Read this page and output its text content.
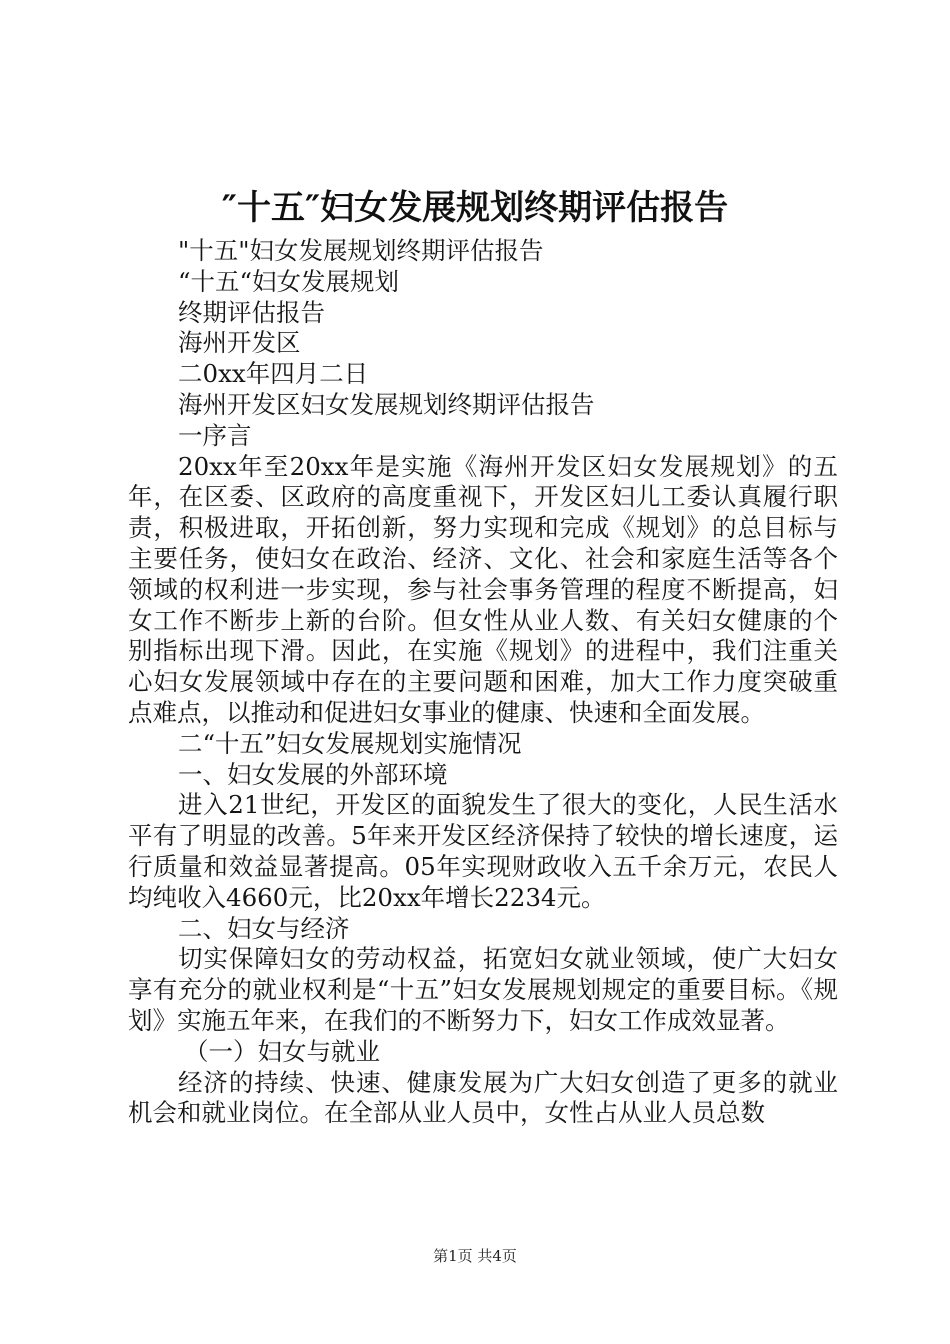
″十五″妇女发展规划终期评估报告

"十五"妇女发展规划终期评估报告

“十五“妇女发展规划

终期评估报告

海州开发区

二0xx年四月二日

海州开发区妇女发展规划终期评估报告

一序言

20xx年至20xx年是实施《海州开发区妇女发展规划》的五年，在区委、区政府的高度重视下，开发区妇儿工委认真履行职责，积极进取，开拓创新，努力实现和完成《规划》的总目标与主要任务，使妇女在政治、经济、文化、社会和家庭生活等各个领域的权利进一步实现，参与社会事务管理的程度不断提高，妇女工作不断步上新的台阶。但女性从业人数、有关妇女健康的个别指标出现下滑。因此，在实施《规划》的进程中，我们注重关心妇女发展领域中存在的主要问题和困难，加大工作力度突破重点难点，以推动和促进妇女事业的健康、快速和全面发展。

二“十五”妇女发展规划实施情况

一、妇女发展的外部环境

进入21世纪，开发区的面貌发生了很大的变化，人民生活水平有了明显的改善。5年来开发区经济保持了较快的增长速度，运行质量和效益显著提高。05年实现财政收入五千余万元，农民人均纯收入4660元，比20xx年增长2234元。

二、妇女与经济

切实保障妇女的劳动权益，拓宽妇女就业领域，使广大妇女享有充分的就业权利是“十五”妇女发展规划规定的重要目标。《规划》实施五年来，在我们的不断努力下，妇女工作成效显著。

（一）妇女与就业

经济的持续、快速、健康发展为广大妇女创造了更多的就业机会和就业岗位。在全部从业人员中，女性占从业人员总数

第1页 共4页
